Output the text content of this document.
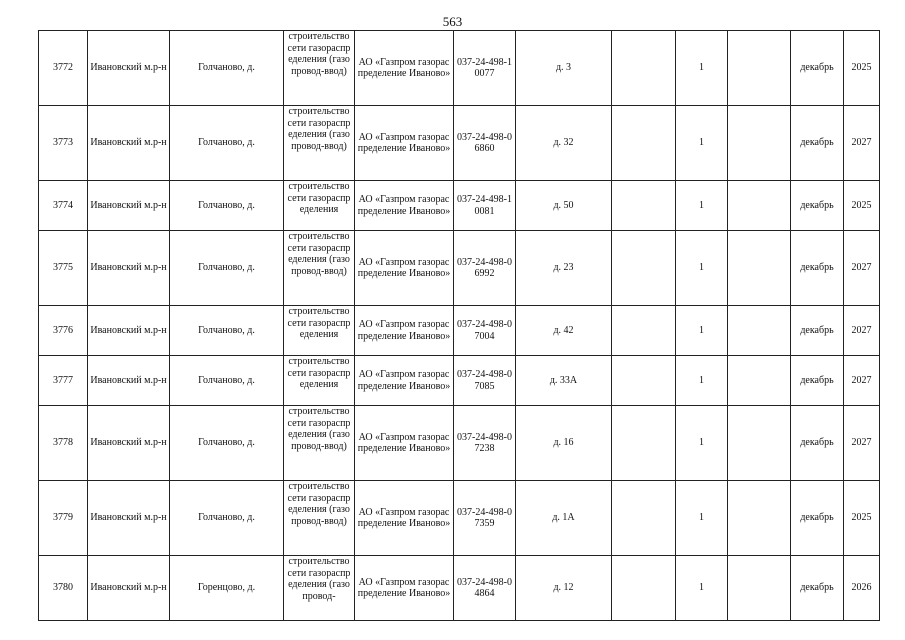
563
3772	Ивановский м.р-н	Голчаново, д.	строительство сети газораспределения (газопровод-ввод)	АО «Газпром газораспределение Иваново»	037-24-498-10077	д. 3		1		декабрь	2025
3773	Ивановский м.р-н	Голчаново, д.	строительство сети газораспределения (газопровод-ввод)	АО «Газпром газораспределение Иваново»	037-24-498-06860	д. 32		1		декабрь	2027
3774	Ивановский м.р-н	Голчаново, д.	строительство сети газораспределения	АО «Газпром газораспределение Иваново»	037-24-498-10081	д. 50		1		декабрь	2025
3775	Ивановский м.р-н	Голчаново, д.	строительство сети газораспределения (газопровод-ввод)	АО «Газпром газораспределение Иваново»	037-24-498-06992	д. 23		1		декабрь	2027
3776	Ивановский м.р-н	Голчаново, д.	строительство сети газораспределения	АО «Газпром газораспределение Иваново»	037-24-498-07004	д. 42		1		декабрь	2027
3777	Ивановский м.р-н	Голчаново, д.	строительство сети газораспределения	АО «Газпром газораспределение Иваново»	037-24-498-07085	д. 33А		1		декабрь	2027
3778	Ивановский м.р-н	Голчаново, д.	строительство сети газораспределения (газопровод-ввод)	АО «Газпром газораспределение Иваново»	037-24-498-07238	д. 16		1		декабрь	2027
3779	Ивановский м.р-н	Голчаново, д.	строительство сети газораспределения (газопровод-ввод)	АО «Газпром газораспределение Иваново»	037-24-498-07359	д. 1А		1		декабрь	2025
3780	Ивановский м.р-н	Горенцово, д.	строительство сети газораспределения (газопровод-	АО «Газпром газораспределение Иваново»	037-24-498-04864	д. 12		1		декабрь	2026
